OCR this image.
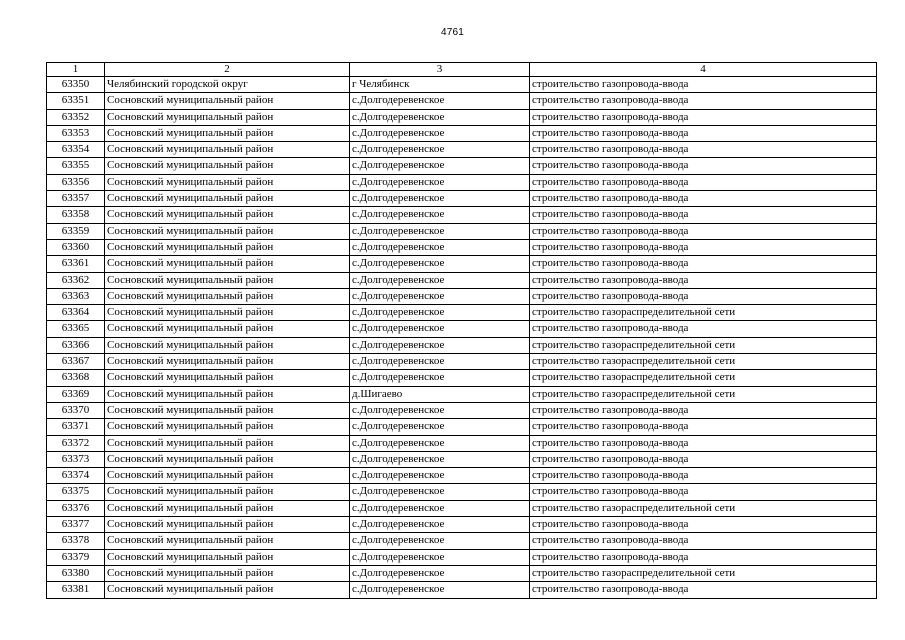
4761
1	2	3	4
63350	Челябинский городской округ	г Челябинск	строительство газопровода-ввода
63351	Сосновский муниципальный район	с.Долгодеревенское	строительство газопровода-ввода
63352	Сосновский муниципальный район	с.Долгодеревенское	строительство газопровода-ввода
63353	Сосновский муниципальный район	с.Долгодеревенское	строительство газопровода-ввода
63354	Сосновский муниципальный район	с.Долгодеревенское	строительство газопровода-ввода
63355	Сосновский муниципальный район	с.Долгодеревенское	строительство газопровода-ввода
63356	Сосновский муниципальный район	с.Долгодеревенское	строительство газопровода-ввода
63357	Сосновский муниципальный район	с.Долгодеревенское	строительство газопровода-ввода
63358	Сосновский муниципальный район	с.Долгодеревенское	строительство газопровода-ввода
63359	Сосновский муниципальный район	с.Долгодеревенское	строительство газопровода-ввода
63360	Сосновский муниципальный район	с.Долгодеревенское	строительство газопровода-ввода
63361	Сосновский муниципальный район	с.Долгодеревенское	строительство газопровода-ввода
63362	Сосновский муниципальный район	с.Долгодеревенское	строительство газопровода-ввода
63363	Сосновский муниципальный район	с.Долгодеревенское	строительство газопровода-ввода
63364	Сосновский муниципальный район	с.Долгодеревенское	строительство газораспределительной сети
63365	Сосновский муниципальный район	с.Долгодеревенское	строительство газопровода-ввода
63366	Сосновский муниципальный район	с.Долгодеревенское	строительство газораспределительной сети
63367	Сосновский муниципальный район	с.Долгодеревенское	строительство газораспределительной сети
63368	Сосновский муниципальный район	с.Долгодеревенское	строительство газораспределительной сети
63369	Сосновский муниципальный район	д.Шигаево	строительство газораспределительной сети
63370	Сосновский муниципальный район	с.Долгодеревенское	строительство газопровода-ввода
63371	Сосновский муниципальный район	с.Долгодеревенское	строительство газопровода-ввода
63372	Сосновский муниципальный район	с.Долгодеревенское	строительство газопровода-ввода
63373	Сосновский муниципальный район	с.Долгодеревенское	строительство газопровода-ввода
63374	Сосновский муниципальный район	с.Долгодеревенское	строительство газопровода-ввода
63375	Сосновский муниципальный район	с.Долгодеревенское	строительство газопровода-ввода
63376	Сосновский муниципальный район	с.Долгодеревенское	строительство газораспределительной сети
63377	Сосновский муниципальный район	с.Долгодеревенское	строительство газопровода-ввода
63378	Сосновский муниципальный район	с.Долгодеревенское	строительство газопровода-ввода
63379	Сосновский муниципальный район	с.Долгодеревенское	строительство газопровода-ввода
63380	Сосновский муниципальный район	с.Долгодеревенское	строительство газораспределительной сети
63381	Сосновский муниципальный район	с.Долгодеревенское	строительство газопровода-ввода
